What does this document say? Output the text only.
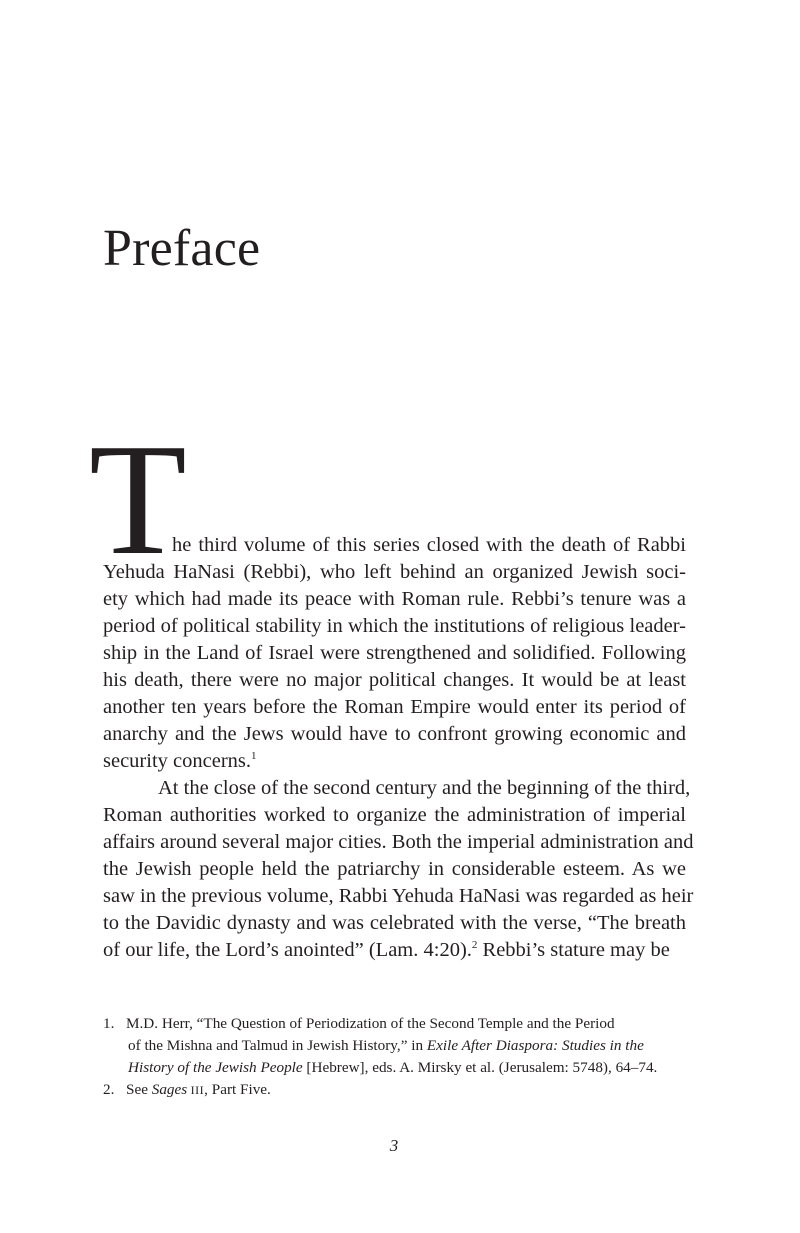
Preface
T
he third volume of this series closed with the death of Rabbi
Yehuda HaNasi (Rebbi), who left behind an organized Jewish soci-
ety which had made its peace with Roman rule. Rebbi’s tenure was a
period of political stability in which the institutions of religious leader-
ship in the Land of Israel were strengthened and solidified. Following
his death, there were no major political changes. It would be at least
another ten years before the Roman Empire would enter its period of
anarchy and the Jews would have to confront growing economic and
security concerns.$^1$
At the close of the second century and the beginning of the third,
Roman authorities worked to organize the administration of imperial
affairs around several major cities. Both the imperial administration and
the Jewish people held the patriarchy in considerable esteem. As we
saw in the previous volume, Rabbi Yehuda HaNasi was regarded as heir
to the Davidic dynasty and was celebrated with the verse, “The breath
of our life, the Lord’s anointed” (Lam. 4:20).$^2$ Rebbi’s stature may be
1. M.D. Herr, “The Question of Periodization of the Second Temple and the Period
of the Mishna and Talmud in Jewish History,” in Exile After Diaspora: Studies in the
History of the Jewish People [Hebrew], eds. A. Mirsky et al. (Jerusalem: 5748), 64–74.
2. See Sages III, Part Five.
3
